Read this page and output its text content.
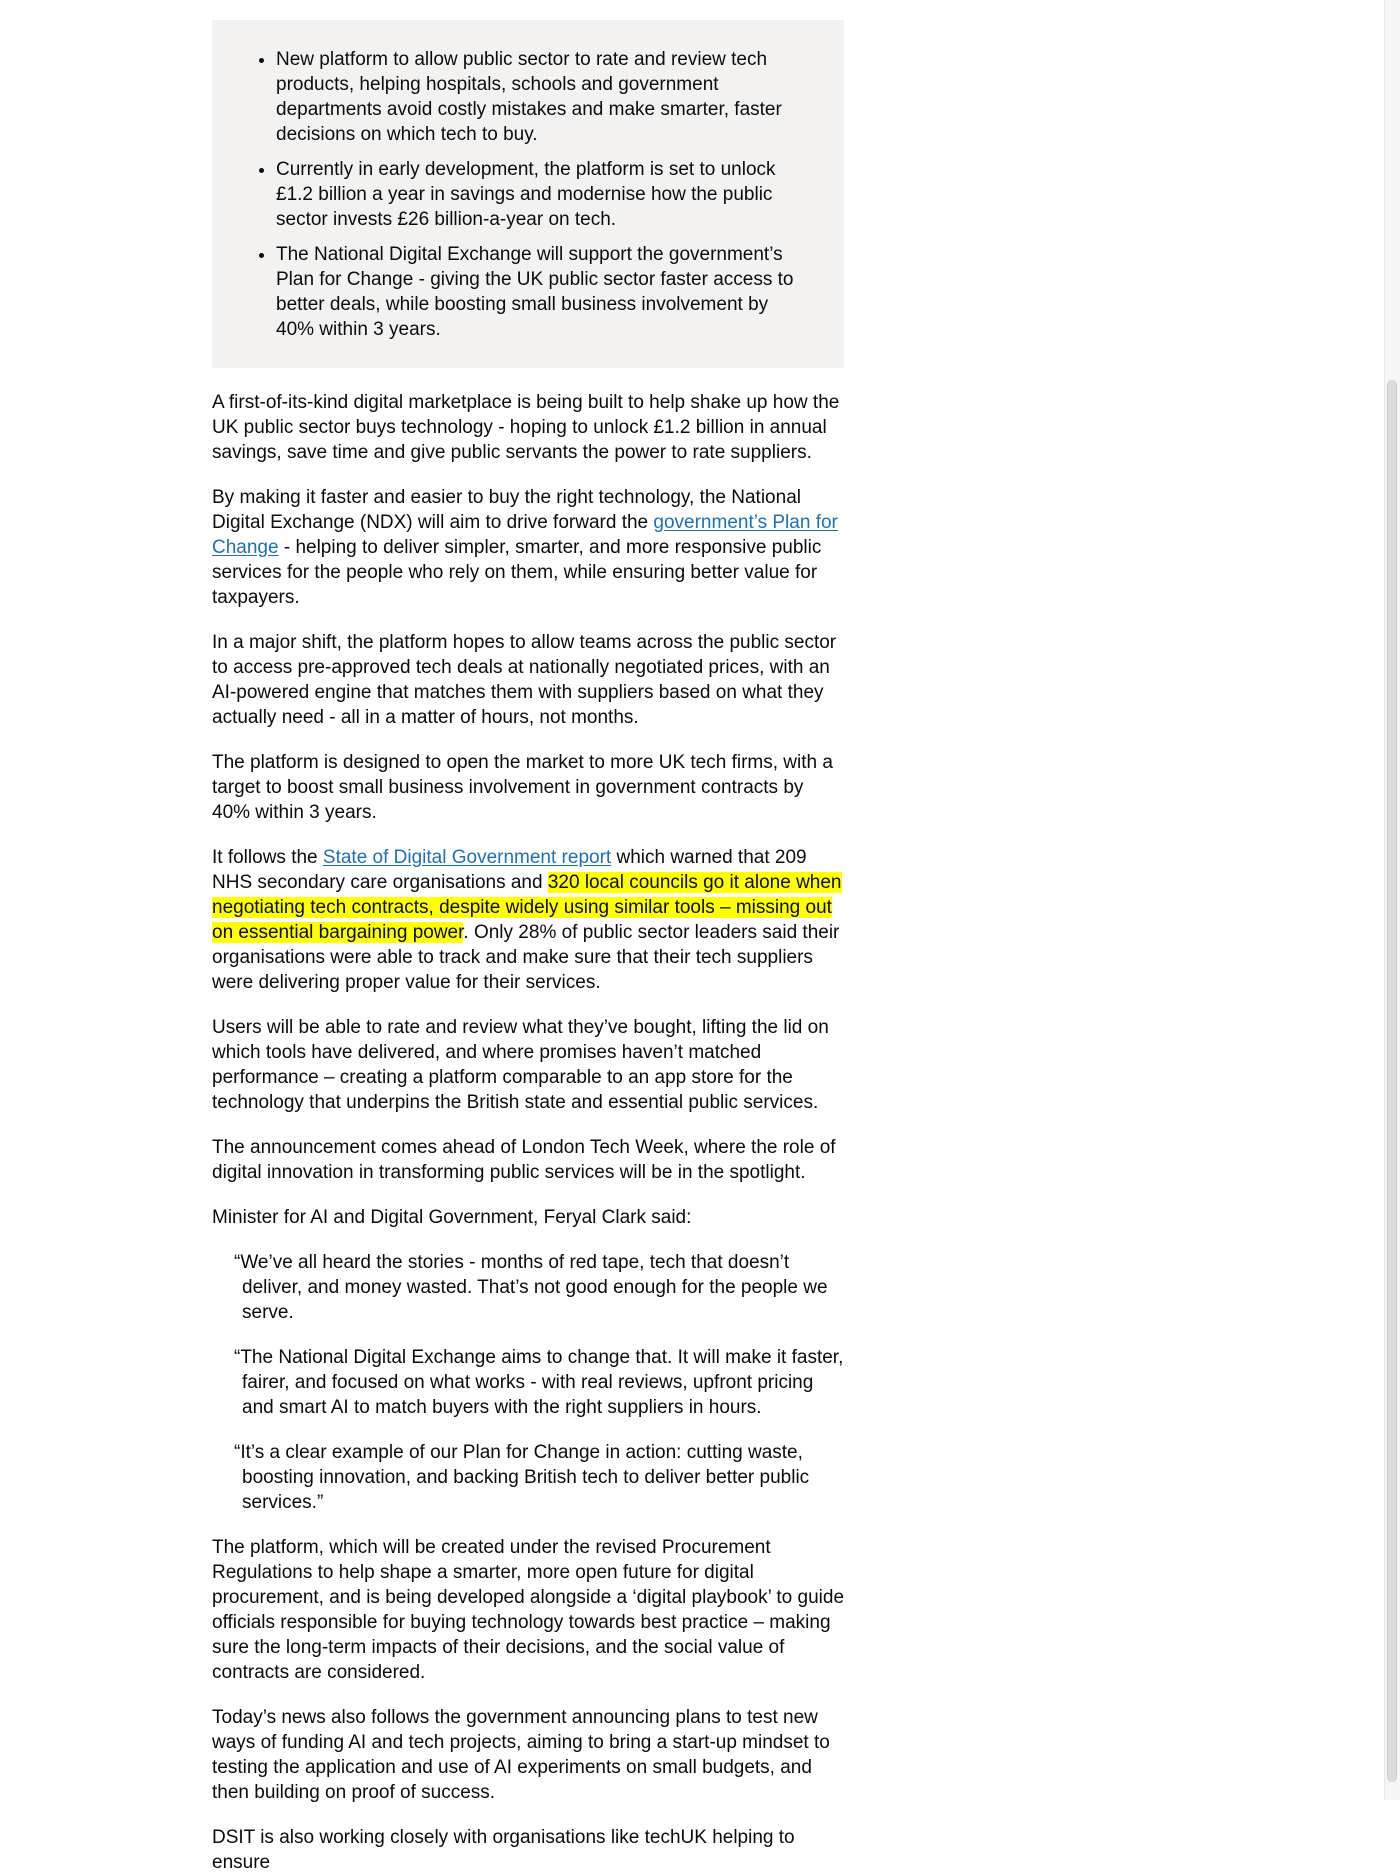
• New platform to allow public sector to rate and review tech products, helping hospitals, schools and government departments avoid costly mistakes and make smarter, faster decisions on which tech to buy.
• Currently in early development, the platform is set to unlock £1.2 billion a year in savings and modernise how the public sector invests £26 billion-a-year on tech.
• The National Digital Exchange will support the government’s Plan for Change - giving the UK public sector faster access to better deals, while boosting small business involvement by 40% within 3 years.

A first-of-its-kind digital marketplace is being built to help shake up how the UK public sector buys technology - hoping to unlock £1.2 billion in annual savings, save time and give public servants the power to rate suppliers.

By making it faster and easier to buy the right technology, the National Digital Exchange (NDX) will aim to drive forward the government’s Plan for Change - helping to deliver simpler, smarter, and more responsive public services for the people who rely on them, while ensuring better value for taxpayers.

In a major shift, the platform hopes to allow teams across the public sector to access pre-approved tech deals at nationally negotiated prices, with an AI-powered engine that matches them with suppliers based on what they actually need - all in a matter of hours, not months.

The platform is designed to open the market to more UK tech firms, with a target to boost small business involvement in government contracts by 40% within 3 years.

It follows the State of Digital Government report which warned that 209 NHS secondary care organisations and 320 local councils go it alone when negotiating tech contracts, despite widely using similar tools – missing out on essential bargaining power. Only 28% of public sector leaders said their organisations were able to track and make sure that their tech suppliers were delivering proper value for their services.

Users will be able to rate and review what they’ve bought, lifting the lid on which tools have delivered, and where promises haven’t matched performance – creating a platform comparable to an app store for the technology that underpins the British state and essential public services.

The announcement comes ahead of London Tech Week, where the role of digital innovation in transforming public services will be in the spotlight.

Minister for AI and Digital Government, Feryal Clark said:

“We’ve all heard the stories - months of red tape, tech that doesn’t deliver, and money wasted. That’s not good enough for the people we serve.
“The National Digital Exchange aims to change that. It will make it faster, fairer, and focused on what works - with real reviews, upfront pricing and smart AI to match buyers with the right suppliers in hours.
“It’s a clear example of our Plan for Change in action: cutting waste, boosting innovation, and backing British tech to deliver better public services.”

The platform, which will be created under the revised Procurement Regulations to help shape a smarter, more open future for digital procurement, and is being developed alongside a ‘digital playbook’ to guide officials responsible for buying technology towards best practice – making sure the long-term impacts of their decisions, and the social value of contracts are considered.

Today’s news also follows the government announcing plans to test new ways of funding AI and tech projects, aiming to bring a start-up mindset to testing the application and use of AI experiments on small budgets, and then building on proof of success.

DSIT is also working closely with organisations like techUK helping to ensure
